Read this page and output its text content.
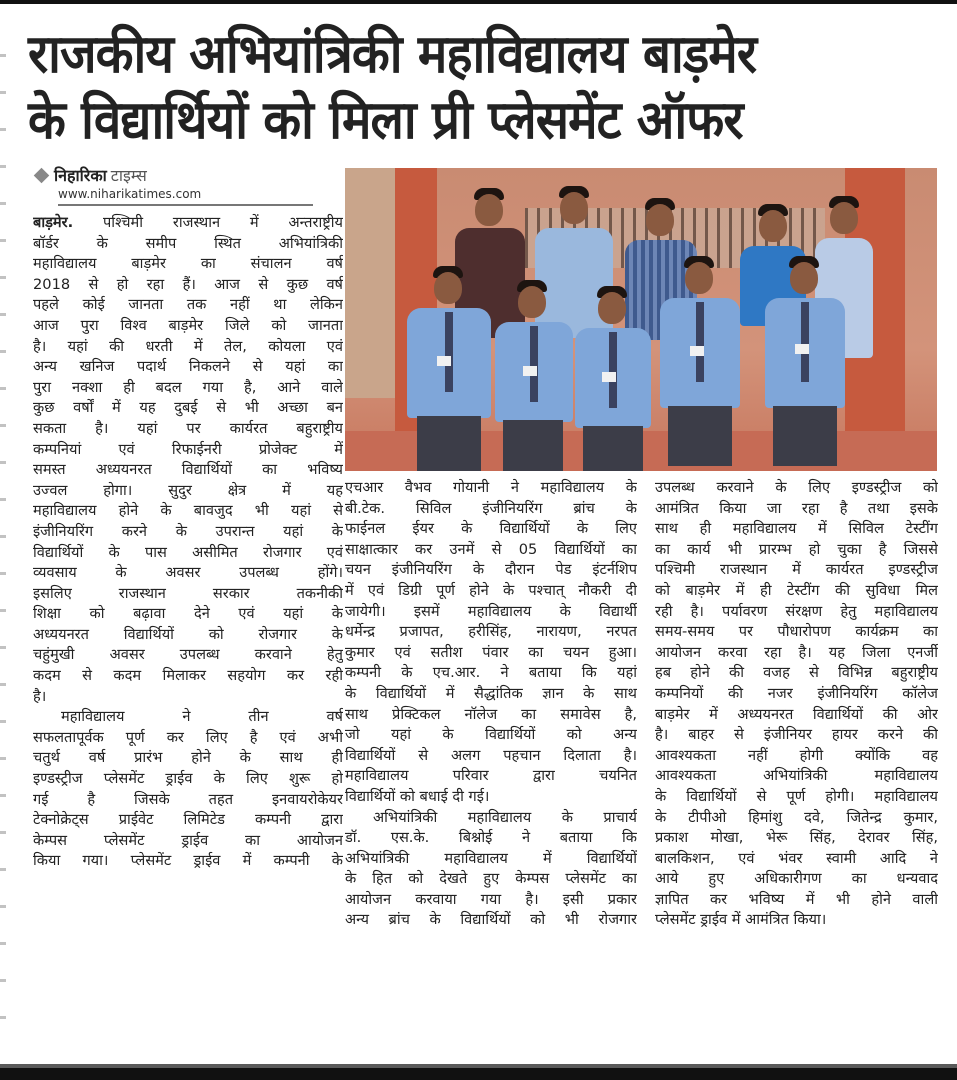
राजकीय अभियांत्रिकी महाविद्यालय बाड़मेर
के विद्यार्थियों को मिला प्री प्लेसमेंट ऑफर
निहारिका टाइम्स
www.niharikatimes.com
बाड़मेर. पश्चिमी राजस्थान में अन्तराष्ट्रीय
बॉर्डर के समीप स्थित अभियांत्रिकी
महाविद्यालय बाड़मेर का संचालन वर्ष
2018 से हो रहा हैं। आज से कुछ वर्ष
पहले कोई जानता तक नहीं था लेकिन
आज पुरा विश्व बाड़मेर जिले को जानता
है। यहां की धरती में तेल, कोयला एवं
अन्य खनिज पदार्थ निकलने से यहां का
पुरा नक्शा ही बदल गया है, आने वाले
कुछ वर्षों में यह दुबई से भी अच्छा बन
सकता है। यहां पर कार्यरत बहुराष्ट्रीय
कम्पनियां एवं रिफाईनरी प्रोजेक्ट में
समस्त अध्ययनरत विद्यार्थियों का भविष्य
उज्वल होगा। सुदुर क्षेत्र में यह
महाविद्यालय होने के बावजुद भी यहां से
इंजीनियरिंग करने के उपरान्त यहां के
विद्यार्थियों के पास असीमित रोजगार एवं
व्यवसाय के अवसर उपलब्ध होंगे।
इसलिए राजस्थान सरकार तकनीकी
शिक्षा को बढ़ावा देने एवं यहां के
अध्ययनरत विद्यार्थियों को रोजगार के
चहुंमुखी अवसर उपलब्ध करवाने हेतु
कदम से कदम मिलाकर सहयोग कर रही
है।
महाविद्यालय ने तीन वर्ष
सफलतापूर्वक पूर्ण कर लिए है एवं अभी
चतुर्थ वर्ष प्रारंभ होने के साथ ही
इण्डस्ट्रीज प्लेसमेंट ड्राईव के लिए शुरू हो
गई है जिसके तहत इनवायरोकेयर
टेक्नोक्रेट्स प्राईवेट लिमिटेड कम्पनी द्वारा
केम्पस प्लेसमेंट ड्राईव का आयोजन
किया गया। प्लेसमेंट ड्राईव में कम्पनी के
एचआर वैभव गोयानी ने महाविद्यालय के
बी.टेक. सिविल इंजीनियरिंग ब्रांच के
फाईनल ईयर के विद्यार्थियों के लिए
साक्षात्कार कर उनमें से 05 विद्यार्थियों का
चयन इंजीनियरिंग के दौरान पेड इंटर्नशिप
में एवं डिग्री पूर्ण होने के पश्चात् नौकरी दी
जायेगी। इसमें महाविद्यालय के विद्यार्थी
धर्मेन्द्र प्रजापत, हरीसिंह, नारायण, नरपत
कुमार एवं सतीश पंवार का चयन हुआ।
कम्पनी के एच.आर. ने बताया कि यहां
के विद्यार्थियों में सैद्धांतिक ज्ञान के साथ
साथ प्रेक्टिकल नॉलेज का समावेस है,
जो यहां के विद्यार्थियों को अन्य
विद्यार्थियों से अलग पहचान दिलाता है।
महाविद्यालय परिवार द्वारा चयनित
विद्यार्थियों को बधाई दी गई।
अभियांत्रिकी महाविद्यालय के प्राचार्य
डॉ. एस.के. बिश्नोई ने बताया कि
अभियांत्रिकी महाविद्यालय में विद्यार्थियों
के हित को देखते हुए केम्पस प्लेसमेंट का
आयोजन करवाया गया है। इसी प्रकार
अन्य ब्रांच के विद्यार्थियों को भी रोजगार
उपलब्ध करवाने के लिए इण्डस्ट्रीज को
आमंत्रित किया जा रहा है तथा इसके
साथ ही महाविद्यालय में सिविल टेस्टींग
का कार्य भी प्रारम्भ हो चुका है जिससे
पश्चिमी राजस्थान में कार्यरत इण्डस्ट्रीज
को बाड़मेर में ही टेस्टींग की सुविधा मिल
रही है। पर्यावरण संरक्षण हेतु महाविद्यालय
समय-समय पर पौधारोपण कार्यक्रम का
आयोजन करवा रहा है। यह जिला एनर्जी
हब होने की वजह से विभिन्न बहुराष्ट्रीय
कम्पनियों की नजर इंजीनियरिंग कॉलेज
बाड़मेर में अध्ययनरत विद्यार्थियों की ओर
है। बाहर से इंजीनियर हायर करने की
आवश्यकता नहीं होगी क्योंकि वह
आवश्यकता अभियांत्रिकी महाविद्यालय
के विद्यार्थियों से पूर्ण होगी। महाविद्यालय
के टीपीओ हिमांशु दवे, जितेन्द्र कुमार,
प्रकाश मोखा, भेरू सिंह, देरावर सिंह,
बालकिशन, एवं भंवर स्वामी आदि ने
आये हुए अधिकारीगण का धन्यवाद
ज्ञापित कर भविष्य में भी होने वाली
प्लेसमेंट ड्राईव में आमंत्रित किया।
